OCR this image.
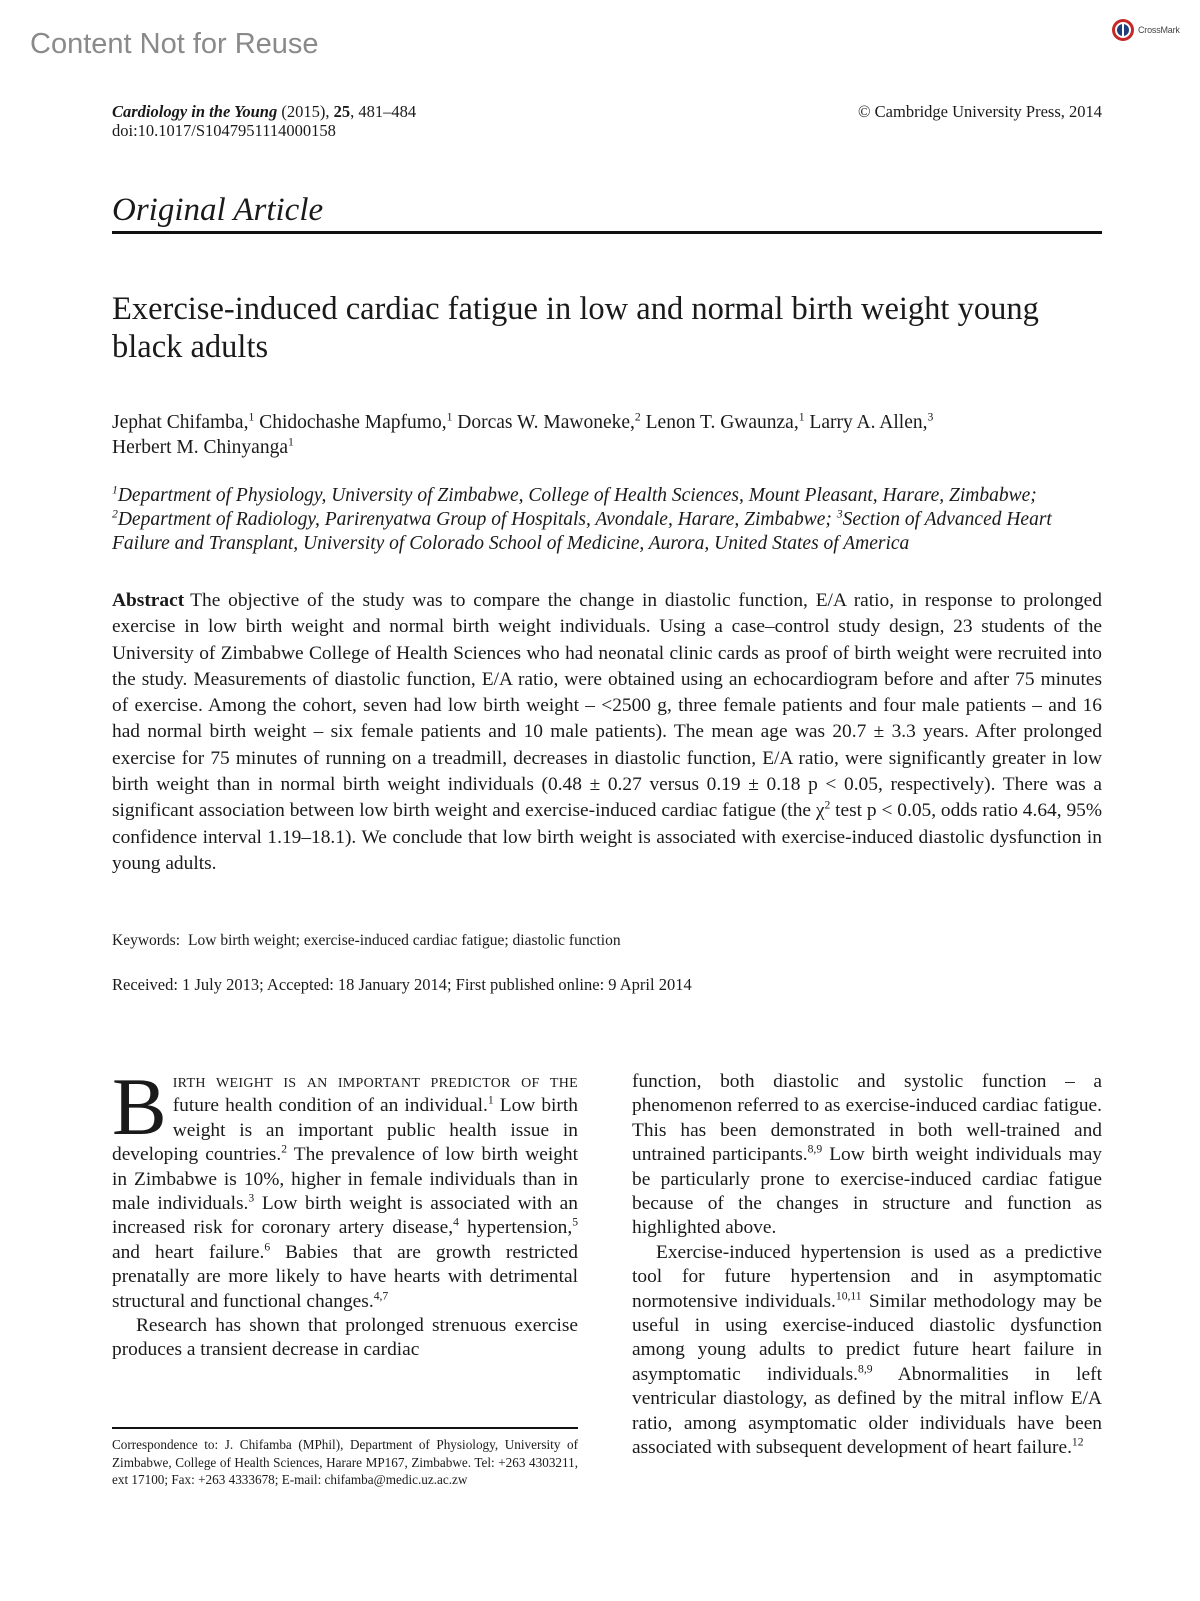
Content Not for Reuse	CrossMark
Cardiology in the Young (2015), 25, 481–484
doi:10.1017/S1047951114000158
© Cambridge University Press, 2014
Original Article
Exercise-induced cardiac fatigue in low and normal birth weight young black adults
Jephat Chifamba,$^1$ Chidochashe Mapfumo,$^1$ Dorcas W. Mawoneke,$^2$ Lenon T. Gwaunza,$^1$ Larry A. Allen,$^3$
Herbert M. Chinyanga$^1$
$^1$Department of Physiology, University of Zimbabwe, College of Health Sciences, Mount Pleasant, Harare, Zimbabwe; $^2$Department of Radiology, Parirenyatwa Group of Hospitals, Avondale, Harare, Zimbabwe; $^3$Section of Advanced Heart Failure and Transplant, University of Colorado School of Medicine, Aurora, United States of America
Abstract The objective of the study was to compare the change in diastolic function, E/A ratio, in response to prolonged exercise in low birth weight and normal birth weight individuals. Using a case–control study design, 23 students of the University of Zimbabwe College of Health Sciences who had neonatal clinic cards as proof of birth weight were recruited into the study. Measurements of diastolic function, E/A ratio, were obtained using an echocardiogram before and after 75 minutes of exercise. Among the cohort, seven had low birth weight – <2500 g, three female patients and four male patients – and 16 had normal birth weight – six female patients and 10 male patients). The mean age was 20.7 ± 3.3 years. After prolonged exercise for 75 minutes of running on a treadmill, decreases in diastolic function, E/A ratio, were significantly greater in low birth weight than in normal birth weight individuals (0.48 ± 0.27 versus 0.19 ± 0.18 p < 0.05, respectively). There was a significant association between low birth weight and exercise-induced cardiac fatigue (the $\chi^2$ test p < 0.05, odds ratio 4.64, 95% confidence interval 1.19–18.1). We conclude that low birth weight is associated with exercise-induced diastolic dysfunction in young adults.
Keywords: Low birth weight; exercise-induced cardiac fatigue; diastolic function
Received: 1 July 2013; Accepted: 18 January 2014; First published online: 9 April 2014

Birth weight is an important predictor of the future health condition of an individual.$^1$ Low birth weight is an important public health issue in developing countries.$^2$ The prevalence of low birth weight in Zimbabwe is 10%, higher in female individuals than in male individuals.$^3$ Low birth weight is associated with an increased risk for coronary artery disease,$^4$ hypertension,$^5$ and heart failure.$^6$ Babies that are growth restricted prenatally are more likely to have hearts with detrimental structural and functional changes.$^{4,7}$

Research has shown that prolonged strenuous exercise produces a transient decrease in cardiac

function, both diastolic and systolic function – a phenomenon referred to as exercise-induced cardiac fatigue. This has been demonstrated in both well-trained and untrained participants.$^{8,9}$ Low birth weight individuals may be particularly prone to exercise-induced cardiac fatigue because of the changes in structure and function as highlighted above.

Exercise-induced hypertension is used as a predictive tool for future hypertension and in asymptomatic normotensive individuals.$^{10,11}$ Similar methodology may be useful in using exercise-induced diastolic dysfunction among young adults to predict future heart failure in asymptomatic individuals.$^{8,9}$ Abnormalities in left ventricular diastology, as defined by the mitral inflow E/A ratio, among asymptomatic older individuals have been associated with subsequent development of heart failure.$^{12}$

Correspondence to: J. Chifamba (MPhil), Department of Physiology, University of Zimbabwe, College of Health Sciences, Harare MP167, Zimbabwe. Tel: +263 4303211, ext 17100; Fax: +263 4333678; E-mail: chifamba@medic.uz.ac.zw
